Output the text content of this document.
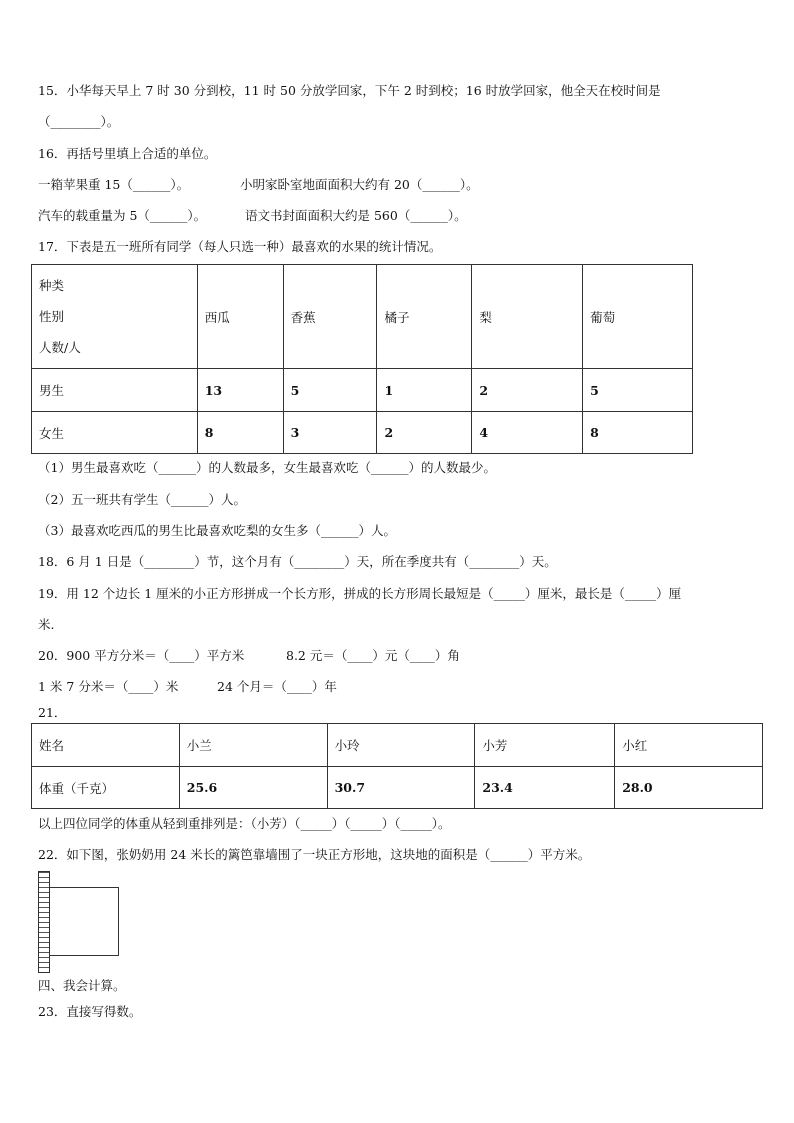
15．小华每天早上 7 时 30 分到校，11 时 50 分放学回家，下午 2 时到校；16 时放学回家，他全天在校时间是
（________）。
16．再括号里填上合适的单位。
一箱苹果重 15（______）。	小明家卧室地面面积大约有 20（______）。
汽车的载重量为 5（______）。	语文书封面面积大约是 560（______）。
17．下表是五一班所有同学（每人只选一种）最喜欢的水果的统计情况。
种类
性别
人数/人	西瓜	香蕉	橘子	梨	葡萄
男生	13	5	1	2	5
女生	8	3	2	4	8
（1）男生最喜欢吃（______）的人数最多，女生最喜欢吃（______）的人数最少。
（2）五一班共有学生（______）人。
（3）最喜欢吃西瓜的男生比最喜欢吃梨的女生多（______）人。
18．6 月 1 日是（________）节，这个月有（________）天，所在季度共有（________）天。
19．用 12 个边长 1 厘米的小正方形拼成一个长方形，拼成的长方形周长最短是（_____）厘米，最长是（_____）厘
米.
20．900 平方分米＝（____）平方米	8.2 元＝（____）元（____）角
1 米 7 分米＝（____）米	24 个月＝（____）年
21．
姓名	小兰	小玲	小芳	小红
体重（千克）	25.6	30.7	23.4	28.0
以上四位同学的体重从轻到重排列是：（小芳）（_____）（_____）（_____）。
22．如下图，张奶奶用 24 米长的篱笆靠墙围了一块正方形地，这块地的面积是（______）平方米。
四、我会计算。
23．直接写得数。
